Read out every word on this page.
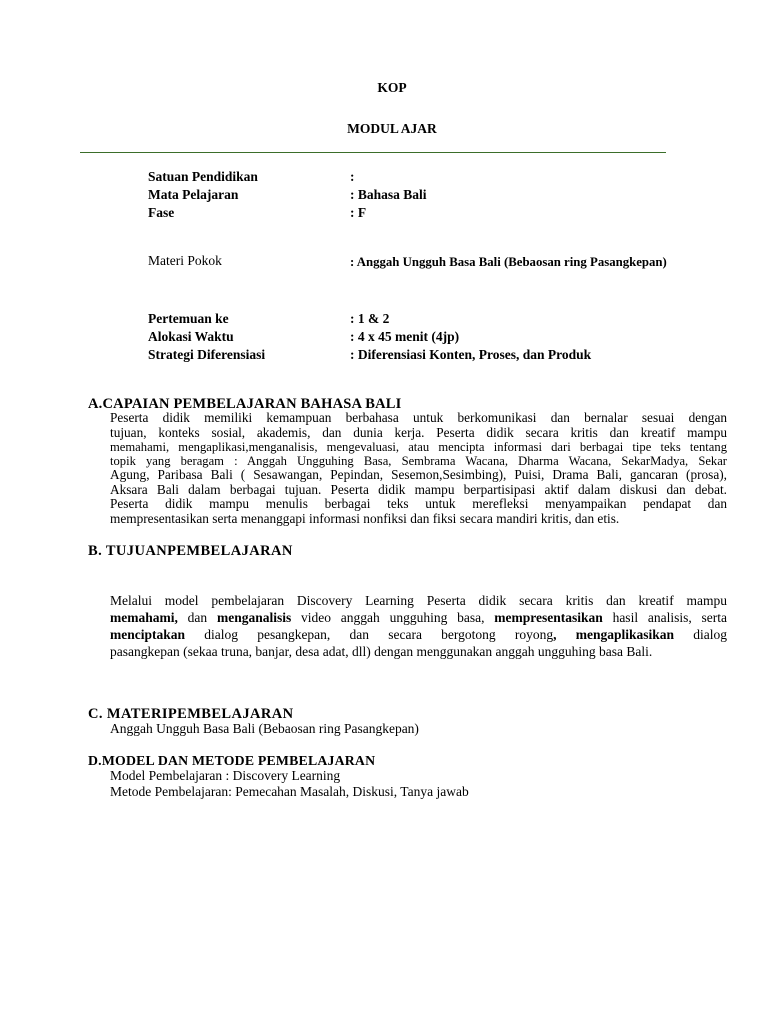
KOP
MODUL AJAR
Satuan Pendidikan
Mata Pelajaran
Fase
:
: Bahasa Bali
: F
Materi Pokok	: Anggah Ungguh Basa Bali (Bebaosan ring Pasangkepan)
Pertemuan ke
Alokasi Waktu
Strategi Diferensiasi
: 1 & 2
: 4 x 45 menit (4jp)
: Diferensiasi Konten, Proses, dan Produk
A.CAPAIAN PEMBELAJARAN BAHASA BALI
Peserta didik memiliki kemampuan berbahasa untuk berkomunikasi dan bernalar sesuai dengan
tujuan, konteks sosial, akademis, dan dunia kerja. Peserta didik secara kritis dan kreatif mampu
memahami, mengaplikasi,menganalisis, mengevaluasi, atau mencipta informasi dari berbagai tipe teks tentang
topik yang beragam : Anggah Ungguhing Basa, Sembrama Wacana, Dharma Wacana, SekarMadya, Sekar
Agung, Paribasa Bali ( Sesawangan, Pepindan, Sesemon,Sesimbing), Puisi, Drama Bali, gancaran (prosa),
Aksara Bali dalam berbagai tujuan. Peserta didik mampu berpartisipasi aktif dalam diskusi dan debat.
Peserta didik mampu menulis berbagai teks untuk merefleksi menyampaikan pendapat dan
mempresentasikan serta menanggapi informasi nonfiksi dan fiksi secara mandiri kritis, dan etis.
B. TUJUANPEMBELAJARAN
Melalui model pembelajaran Discovery Learning Peserta didik secara kritis dan kreatif mampu
memahami, dan menganalisis video anggah ungguhing basa, mempresentasikan hasil analisis, serta
menciptakan dialog pesangkepan, dan secara bergotong royong, mengaplikasikan dialog
pasangkepan (sekaa truna, banjar, desa adat, dll) dengan menggunakan anggah ungguhing basa Bali.
C. MATERIPEMBELAJARAN
Anggah Ungguh Basa Bali (Bebaosan ring Pasangkepan)
D.MODEL DAN METODE PEMBELAJARAN
Model Pembelajaran : Discovery Learning
Metode Pembelajaran: Pemecahan Masalah, Diskusi, Tanya jawab
